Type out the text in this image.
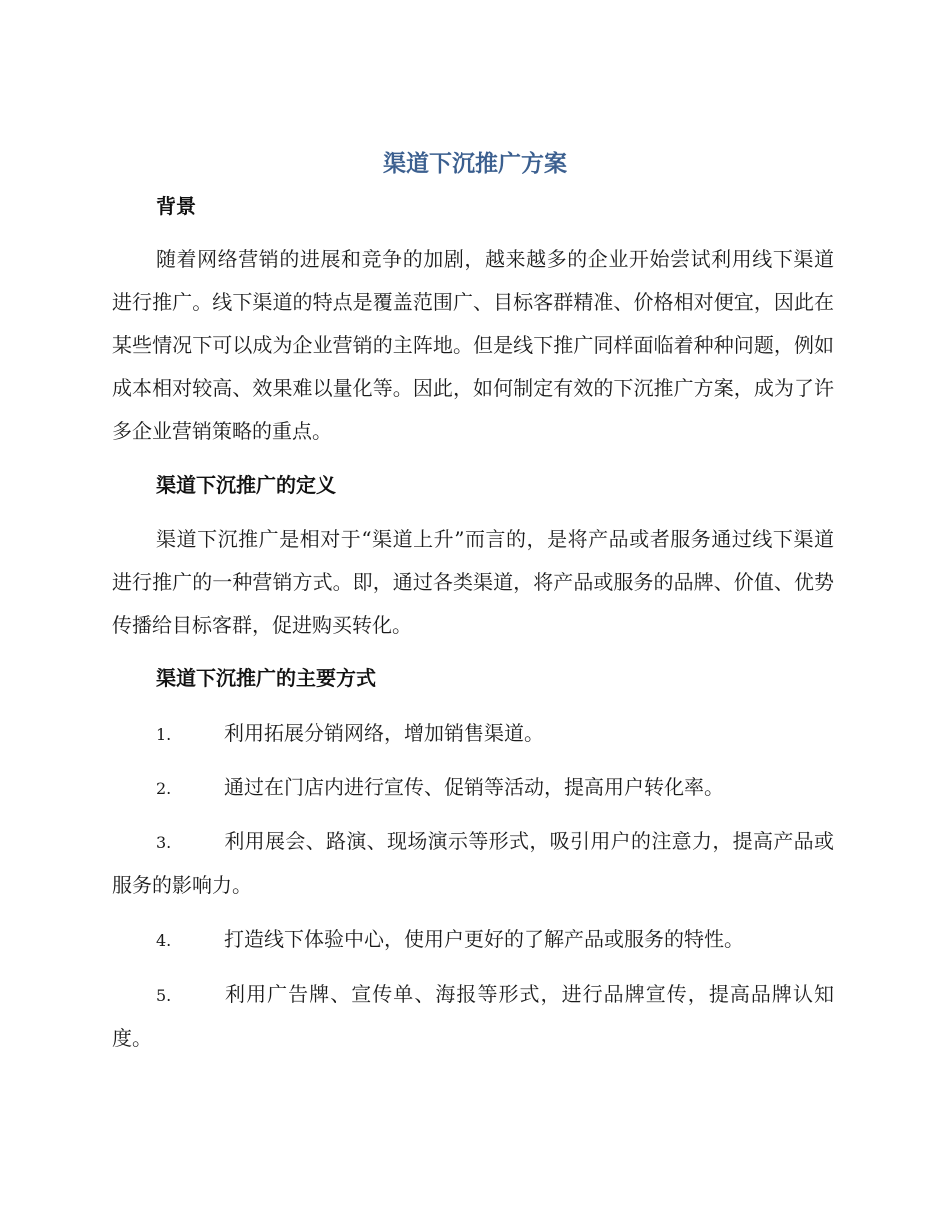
渠道下沉推广方案
背景

随着网络营销的进展和竞争的加剧，越来越多的企业开始尝试利用线下渠道进行推广。线下渠道的特点是覆盖范围广、目标客群精准、价格相对便宜，因此在某些情况下可以成为企业营销的主阵地。但是线下推广同样面临着种种问题，例如成本相对较高、效果难以量化等。因此，如何制定有效的下沉推广方案，成为了许多企业营销策略的重点。

渠道下沉推广的定义

渠道下沉推广是相对于“渠道上升”而言的，是将产品或者服务通过线下渠道进行推广的一种营销方式。即，通过各类渠道，将产品或服务的品牌、价值、优势传播给目标客群，促进购买转化。

渠道下沉推广的主要方式
1.	利用拓展分销网络，增加销售渠道。
2.	通过在门店内进行宣传、促销等活动，提高用户转化率。
3.	利用展会、路演、现场演示等形式，吸引用户的注意力，提高产品或服务的影响力。
4.	打造线下体验中心，使用户更好的了解产品或服务的特性。
5.	利用广告牌、宣传单、海报等形式，进行品牌宣传，提高品牌认知度。
